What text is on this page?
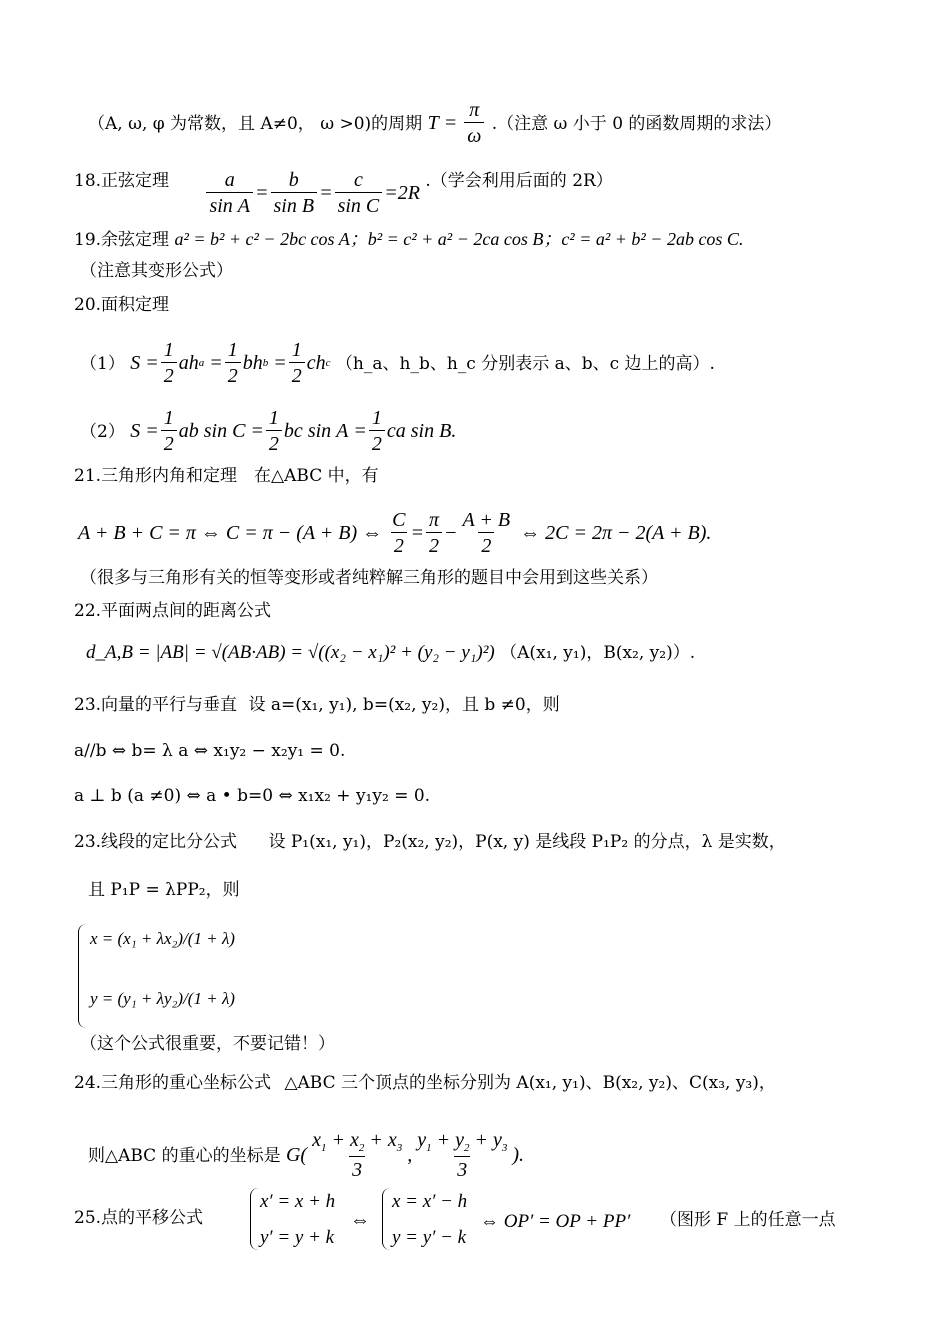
（A, ω, φ 为常数，且 A≠0， ω >0)的周期 $T = \frac{\pi}{\omega}$ .（注意 ω 小于 0 的函数周期的求法）
18.正弦定理 $\frac{a}{\text{sin A}} = \frac{b}{\text{sin B}} = \frac{c}{\text{sin C}} = 2$ R .（学会利用后面的 2R）
19.余弦定理 a² = b² + c² − 2bc cos A；b² = c² + a² − 2ca cos B；c² = a² + b² − 2ab cos C.
（注意其变形公式）
20.面积定理
（1） $S = \frac{1}{2}$ ah $a = \frac{1}{2}$ bh $b = \frac{1}{2}$ ch c （h_a、h_b、h_c 分别表示 a、b、c 边上的高）.
（2） $S = \frac{1}{2}$ ab $\sin C = \frac{1}{2}$ bc $\sin A = \frac{1}{2}$ ca sin B.
21.三角形内角和定理　在△ABC 中，有
A + B + C = π ⇔ C = π − (A + B) ⇔ $\frac{C}{2} = \frac{\pi}{2} - \frac{A + B}{2}$ ⇔ 2C = 2π − 2(A + B).
（很多与三角形有关的恒等变形或者纯粹解三角形的题目中会用到这些关系）
22.平面两点间的距离公式
d_A,B = |AB| = √(AB·AB) = √((x₂ − x₁)² + (y₂ − y₁)²) （A(x₁, y₁)，B(x₂, y₂)）.
23.向量的平行与垂直 设 a=(x₁, y₁), b=(x₂, y₂)，且 b ≠0，则
a//b ⇔ b= λ a ⇔ x₁y₂ − x₂y₁ = 0.
a ⊥ b (a ≠0) ⇔ a • b=0 ⇔ x₁x₂ + y₁y₂ = 0.
23.线段的定比分公式 设 P₁(x₁, y₁)，P₂(x₂, y₂)，P(x, y) 是线段 P₁P₂ 的分点，λ 是实数，
且 P₁P = λPP₂，则
x = (x₁ + λx₂)/(1 + λ)
y = (y₁ + λy₂)/(1 + λ)
（这个公式很重要，不要记错！）
24.三角形的重心坐标公式 △ABC 三个顶点的坐标分别为 A(x₁, y₁)、B(x₂, y₂)、C(x₃, y₃)，
则△ABC 的重心的坐标是 $G( \frac{x_1 + x_2 + x_3}{3}$ , $\frac{y_1 + y_2 + y_3}{3}$ ).
25.点的平移公式
x′ = x + h
y′ = y + k
⇔
x = x′ − h
y = y′ − k
⇔ OP′ = OP + PP′ （图形 F 上的任意一点
